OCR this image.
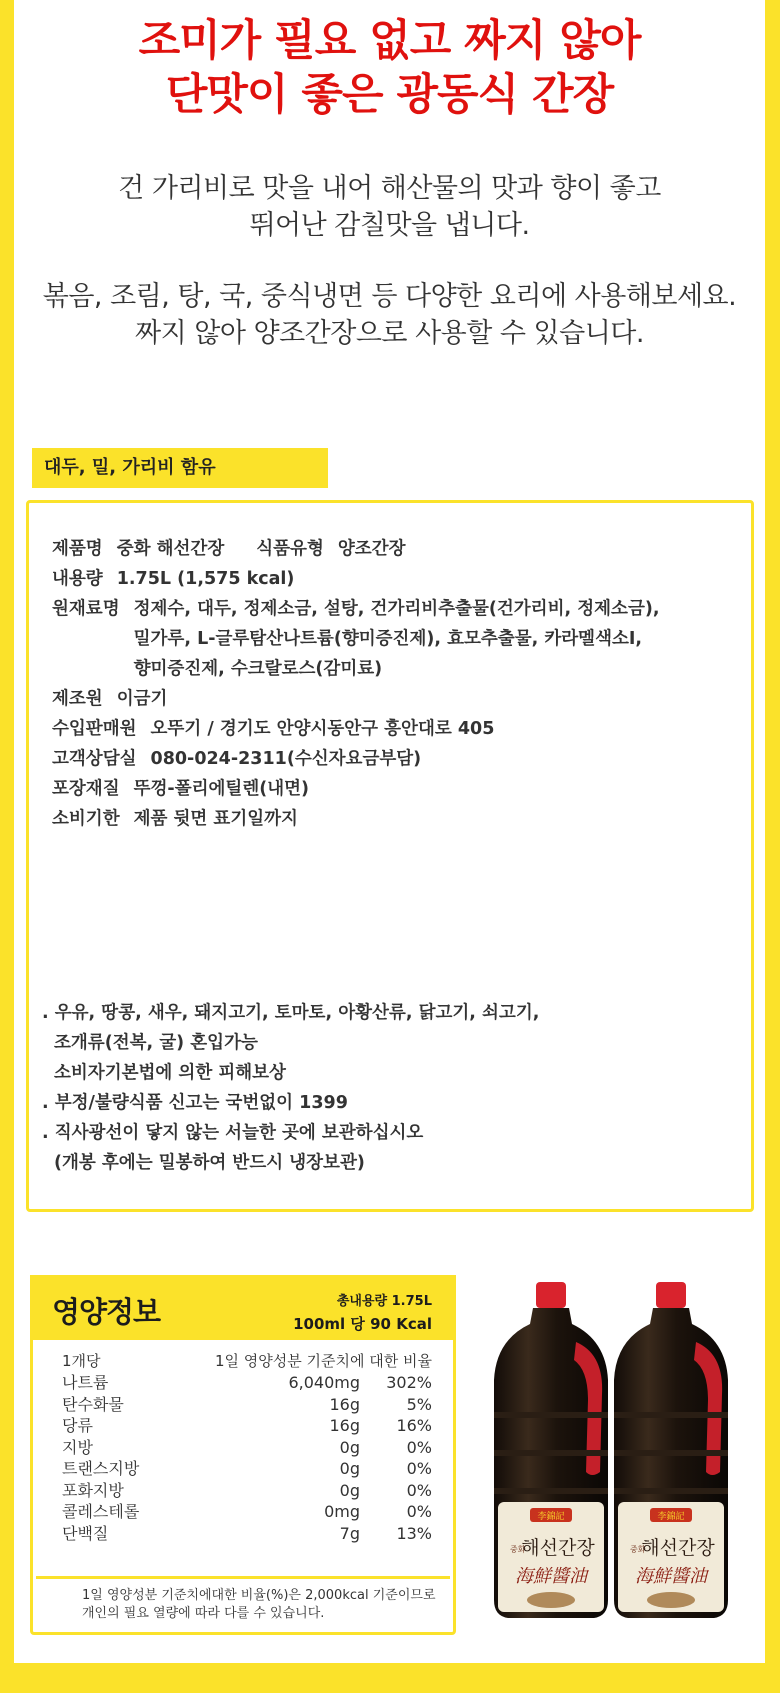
조미가 필요 없고 짜지 않아
단맛이 좋은 광동식 간장
건 가리비로 맛을 내어 해산물의 맛과 향이 좋고
뛰어난 감칠맛을 냅니다.
볶음, 조림, 탕, 국, 중식냉면 등 다양한 요리에 사용해보세요.
짜지 않아 양조간장으로 사용할 수 있습니다.
대두, 밀, 가리비 함유
제품명 중화 해선간장 식품유형 양조간장
내용량 1.75L (1,575 kcal)
원재료명 정제수, 대두, 정제소금, 설탕, 건가리비추출물(건가리비, 정제소금),
밀가루, L-글루탐산나트륨(향미증진제), 효모추출물, 카라멜색소I,
향미증진제, 수크랄로스(감미료)
제조원 이금기
수입판매원 오뚜기 / 경기도 안양시동안구 흥안대로 405
고객상담실 080-024-2311(수신자요금부담)
포장재질 뚜껑-폴리에틸렌(내면)
소비기한 제품 뒷면 표기일까지
. 우유, 땅콩, 새우, 돼지고기, 토마토, 아황산류, 닭고기, 쇠고기,
조개류(전복, 굴) 혼입가능
소비자기본법에 의한 피해보상
. 부정/불량식품 신고는 국번없이 1399
. 직사광선이 닿지 않는 서늘한 곳에 보관하십시오
(개봉 후에는 밀봉하여 반드시 냉장보관)
영양정보	총내용량 1.75L
100ml 당 90 Kcal
1개당	1일 영양성분 기준치에 대한 비율
나트륨	6,040mg 302%
탄수화물	16g	5%
당류	16g 16%
지방	0g	0%
트랜스지방	0g	0%
포화지방	0g	0%
콜레스테롤	0mg	0%
단백질	7g 13%
1일 영양성분 기준치에대한 비율(%)은 2,000kcal 기준이므로
개인의 필요 열량에 따라 다를 수 있습니다.
李錦記
중화
해선간장
海鮮醬油
李錦記
중화
해선간장
海鮮醬油
